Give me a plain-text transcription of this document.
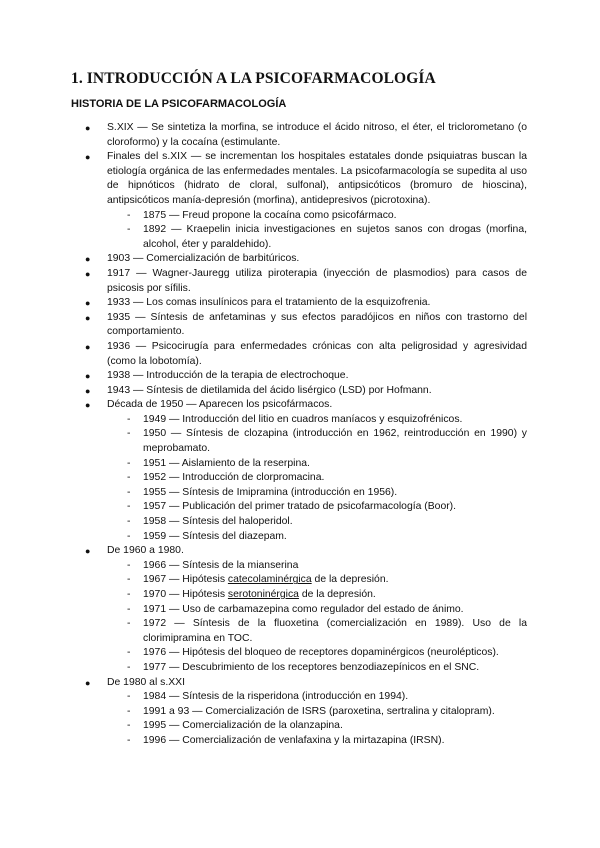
1. INTRODUCCIÓN A LA PSICOFARMACOLOGÍA
HISTORIA DE LA PSICOFARMACOLOGÍA
● S.XIX — Se sintetiza la morfina, se introduce el ácido nitroso, el éter, el triclorometano (o cloroformo) y la cocaína (estimulante.
● Finales del s.XIX — se incrementan los hospitales estatales donde psiquiatras buscan la etiología orgánica de las enfermedades mentales. La psicofarmacología se supedita al uso de hipnóticos (hidrato de cloral, sulfonal), antipsicóticos (bromuro de hioscina), antipsicóticos manía-depresión (morfina), antidepresivos (picrotoxina).
- 1875 — Freud propone la cocaína como psicofármaco.
- 1892 — Kraepelin inicia investigaciones en sujetos sanos con drogas (morfina, alcohol, éter y paraldehido).
● 1903 — Comercialización de barbitúricos.
● 1917 — Wagner-Jauregg utiliza piroterapia (inyección de plasmodios) para casos de psicosis por sífilis.
● 1933 — Los comas insulínicos para el tratamiento de la esquizofrenia.
● 1935 — Síntesis de anfetaminas y sus efectos paradójicos en niños con trastorno del comportamiento.
● 1936 — Psicocirugía para enfermedades crónicas con alta peligrosidad y agresividad (como la lobotomía).
● 1938 — Introducción de la terapia de electrochoque.
● 1943 — Síntesis de dietilamida del ácido lisérgico (LSD) por Hofmann.
● Década de 1950 — Aparecen los psicofármacos.
- 1949 — Introducción del litio en cuadros maníacos y esquizofrénicos.
- 1950 — Síntesis de clozapina (introducción en 1962, reintroducción en 1990) y meprobamato.
- 1951 — Aislamiento de la reserpina.
- 1952 — Introducción de clorpromacina.
- 1955 — Síntesis de Imipramina (introducción en 1956).
- 1957 — Publicación del primer tratado de psicofarmacología (Boor).
- 1958 — Síntesis del haloperidol.
- 1959 — Síntesis del diazepam.
● De 1960 a 1980.
- 1966 — Síntesis de la mianserina
- 1967 — Hipótesis catecolaminérgica de la depresión.
- 1970 — Hipótesis serotoninérgica de la depresión.
- 1971 — Uso de carbamazepina como regulador del estado de ánimo.
- 1972 — Síntesis de la fluoxetina (comercialización en 1989). Uso de la clorimipramina en TOC.
- 1976 — Hipótesis del bloqueo de receptores dopaminérgicos (neurolépticos).
- 1977 — Descubrimiento de los receptores benzodiazepínicos en el SNC.
● De 1980 al s.XXI
- 1984 — Síntesis de la risperidona (introducción en 1994).
- 1991 a 93 — Comercialización de ISRS (paroxetina, sertralina y citalopram).
- 1995 — Comercialización de la olanzapina.
- 1996 — Comercialización de venlafaxina y la mirtazapina (IRSN).
